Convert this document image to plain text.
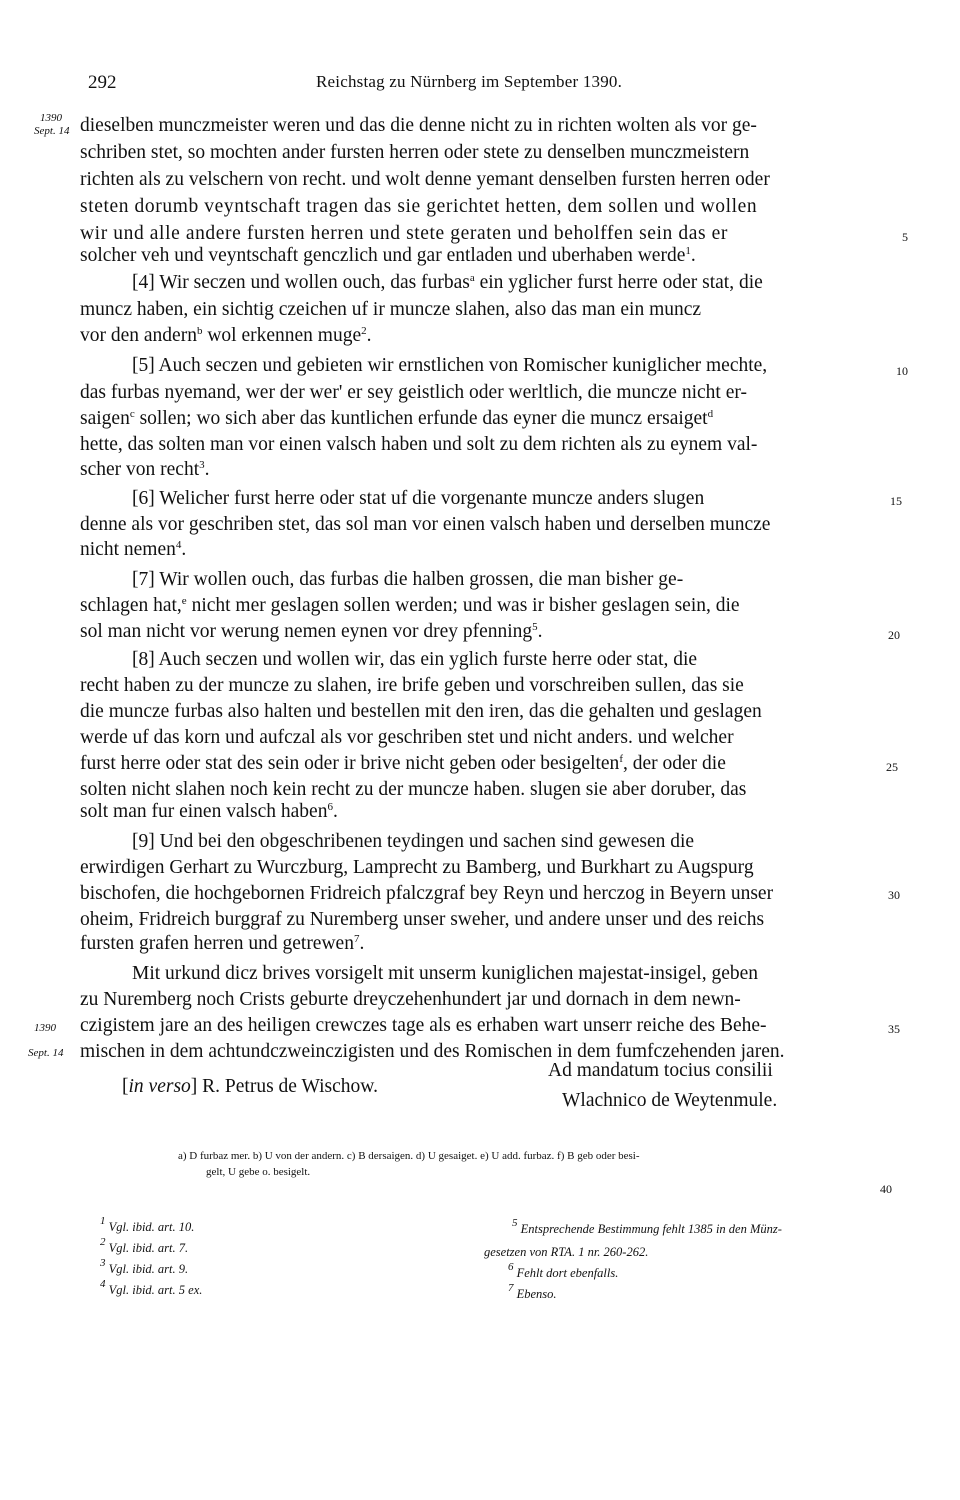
292	Reichstag zu Nürnberg im September 1390.
1390
Sept. 14
1390
Sept. 14
5
10
15
20
25
30
35
40
dieselben munczmeister weren und das die denne nicht zu in richten wolten als vor ge-
schriben stet, so mochten ander fursten herren oder stete zu denselben munczmeistern
richten als zu velschern von recht. und wolt denne yemant denselben fursten herren oder
steten dorumb veyntschaft tragen das sie gerichtet hetten, dem sollen und wollen
wir und alle andere fursten herren und stete geraten und beholffen sein das er
solcher veh und veyntschaft genczlich und gar entladen und uberhaben werde$^1$.
[4] Wir seczen und wollen ouch, das furbas$^a$ ein yglicher furst herre oder stat, die
muncz haben, ein sichtig czeichen uf ir muncze slahen, also das man ein muncz
vor den andern$^b$ wol erkennen muge$^2$.
[5] Auch seczen und gebieten wir ernstlichen von Romischer kuniglicher mechte,
das furbas nyemand, wer der wer' er sey geistlich oder werltlich, die muncze nicht er-
saigen$^c$ sollen; wo sich aber das kuntlichen erfunde das eyner die muncz ersaiget$^d$
hette, das solten man vor einen valsch haben und solt zu dem richten als zu eynem val-
scher von recht$^3$.
[6] Welicher furst herre oder stat uf die vorgenante muncze anders slugen
denne als vor geschriben stet, das sol man vor einen valsch haben und derselben muncze
nicht nemen$^4$.
[7] Wir wollen ouch, das furbas die halben grossen, die man bisher ge-
schlagen hat,$^e$ nicht mer geslagen sollen werden; und was ir bisher geslagen sein, die
sol man nicht vor werung nemen eynen vor drey pfenning$^5$.
[8] Auch seczen und wollen wir, das ein yglich furste herre oder stat, die
recht haben zu der muncze zu slahen, ire brife geben und vorschreiben sullen, das sie
die muncze furbas also halten und bestellen mit den iren, das die gehalten und geslagen
werde uf das korn und aufczal als vor geschriben stet und nicht anders. und welcher
furst herre oder stat des sein oder ir brive nicht geben oder besigelten$^f$, der oder die
solten nicht slahen noch kein recht zu der muncze haben. slugen sie aber doruber, das
solt man fur einen valsch haben$^6$.
[9] Und bei den obgeschribenen teydingen und sachen sind gewesen die
erwirdigen Gerhart zu Wurczburg, Lamprecht zu Bamberg, und Burkhart zu Augspurg
bischofen, die hochgebornen Fridreich pfalczgraf bey Reyn und herczog in Beyern unser
oheim, Fridreich burggraf zu Nuremberg unser sweher, und andere unser und des reichs
fursten grafen herren und getrewen$^7$.
Mit urkund dicz brives vorsigelt mit unserm kuniglichen majestat-insigel, geben
zu Nuremberg noch Crists geburte dreyczehenhundert jar und dornach in dem newn-
czigistem jare an des heiligen crewczes tage als es erhaben wart unserr reiche des Behe-
mischen in dem achtundczweinczigisten und des Romischen in dem fumfczehenden jaren.
[in verso] R. Petrus de Wischow.
Ad mandatum tocius consilii
Wlachnico de Weytenmule.
a) D furbaz mer. b) U von der andern. c) B dersaigen. d) U gesaiget. e) U add. furbaz. f) B geb oder besi-
gelt, U gebe o. besigelt.
$^1$ Vgl. ibid. art. 10.
$^2$ Vgl. ibid. art. 7.
$^3$ Vgl. ibid. art. 9.
$^4$ Vgl. ibid. art. 5 ex.
$^5$ Entsprechende Bestimmung fehlt 1385 in den Münz-
gesetzen von RTA. 1 nr. 260-262.
$^6$ Fehlt dort ebenfalls.
$^7$ Ebenso.
